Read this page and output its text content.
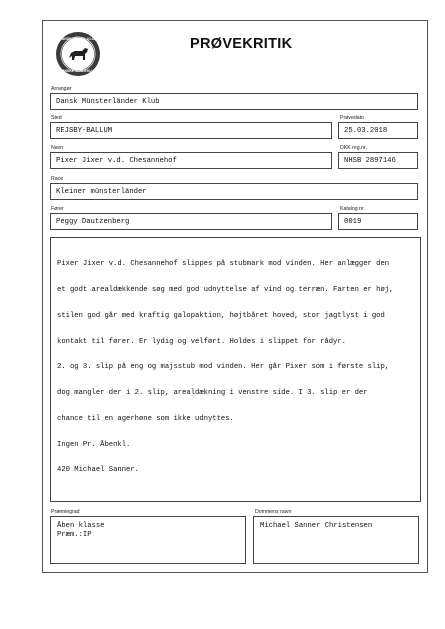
DANSK KENNEL KLUB
DANSKE HUNDEKLUB
PRØVEKRITIK
Arrangør
Dansk Münsterländer Klub
Sted
REJSBY-BALLUM
Prøvedato
25.03.2018
Navn
Pixer Jixer v.d. Chesannehof
DKK reg.nr.
NHSB 2897146
Race
Kleiner münsterländer
Fører
Peggy Dautzenberg
Katalog nr.
0019

Pixer Jixer v.d. Chesannehof slippes på stubmark mod vinden. Her anlægger den

et godt arealdækkende søg med god udnyttelse af vind og terræn. Farten er høj,

stilen god går med kraftig galopaktion, højtbåret hoved, stor jagtlyst i god

kontakt til fører. Er lydig og velført. Holdes i slippet for rådyr.

2. og 3. slip på eng og majsstub mod vinden. Her går Pixer som i første slip,

dog mangler der i 2. slip, arealdækning i venstre side. I 3. slip er der

chance til en agerhøne som ikke udnyttes.

Ingen Pr. Åbenkl.

420 Michael Sanner.

Præmiegrad
Åben klasse
Præm.:IP
Dommens navn
Michael Sanner Christensen
